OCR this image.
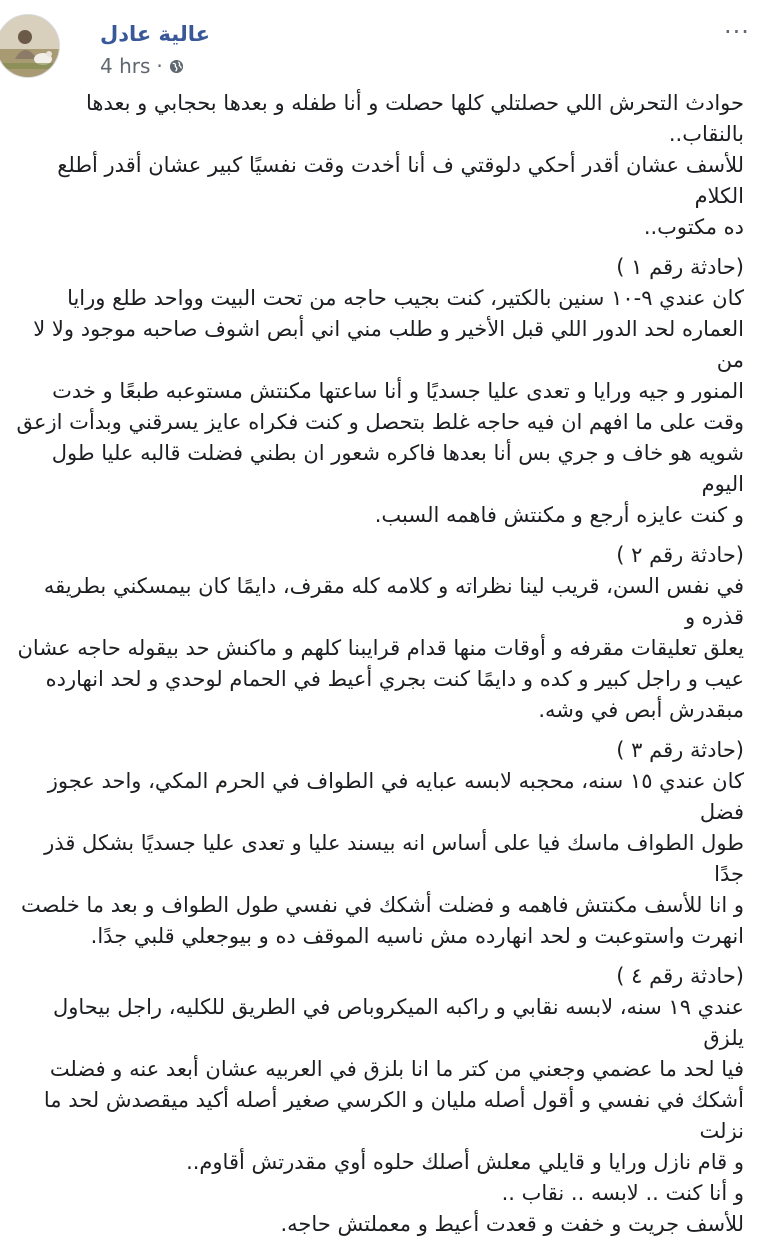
عالية عادل
4 hrs ·
···

حوادث التحرش اللي حصلتلي كلها حصلت و أنا طفله و بعدها بحجابي و بعدها
بالنقاب..
للأسف عشان أقدر أحكي دلوقتي ف أنا أخدت وقت نفسيًا كبير عشان أقدر أطلع الكلام
ده مكتوب..

(حادثة رقم ١ )
كان عندي ٩-١٠ سنين بالكتير، كنت بجيب حاجه من تحت البيت وواحد طلع ورايا
العماره لحد الدور اللي قبل الأخير و طلب مني اني أبص اشوف صاحبه موجود ولا لا من
المنور و جيه ورايا و تعدى عليا جسديًا و أنا ساعتها مكنتش مستوعبه طبعًا و خدت
وقت على ما افهم ان فيه حاجه غلط بتحصل و كنت فكراه عايز يسرقني وبدأت ازعق
شويه هو خاف و جري بس أنا بعدها فاكره شعور ان بطني فضلت قالبه عليا طول اليوم
و كنت عايزه أرجع و مكنتش فاهمه السبب.

(حادثة رقم ٢ )
في نفس السن، قريب لينا نظراته و كلامه كله مقرف، دايمًا كان بيمسكني بطريقه قذره و
يعلق تعليقات مقرفه و أوقات منها قدام قرايبنا كلهم و ماكنش حد بيقوله حاجه عشان
عيب و راجل كبير و كده و دايمًا كنت بجري أعيط في الحمام لوحدي و لحد انهارده
مبقدرش أبص في وشه.

(حادثة رقم ٣ )
كان عندي ١٥ سنه، محجبه لابسه عبايه في الطواف في الحرم المكي، واحد عجوز فضل
طول الطواف ماسك فيا على أساس انه بيسند عليا و تعدى عليا جسديًا بشكل قذر جدًا
و انا للأسف مكنتش فاهمه و فضلت أشكك في نفسي طول الطواف و بعد ما خلصت
انهرت واستوعبت و لحد انهارده مش ناسيه الموقف ده و بيوجعلي قلبي جدًا.

(حادثة رقم ٤ )
عندي ١٩ سنه، لابسه نقابي و راكبه الميكروباص في الطريق للكليه، راجل بيحاول يلزق
فيا لحد ما عضمي وجعني من كتر ما انا بلزق في العربيه عشان أبعد عنه و فضلت
أشكك في نفسي و أقول أصله مليان و الكرسي صغير أصله أكيد ميقصدش لحد ما نزلت
و قام نازل ورايا و قايلي معلش أصلك حلوه أوي مقدرتش أقاوم..
و أنا كنت .. لابسه .. نقاب ..
للأسف جريت و خفت و قعدت أعيط و معملتش حاجه.
